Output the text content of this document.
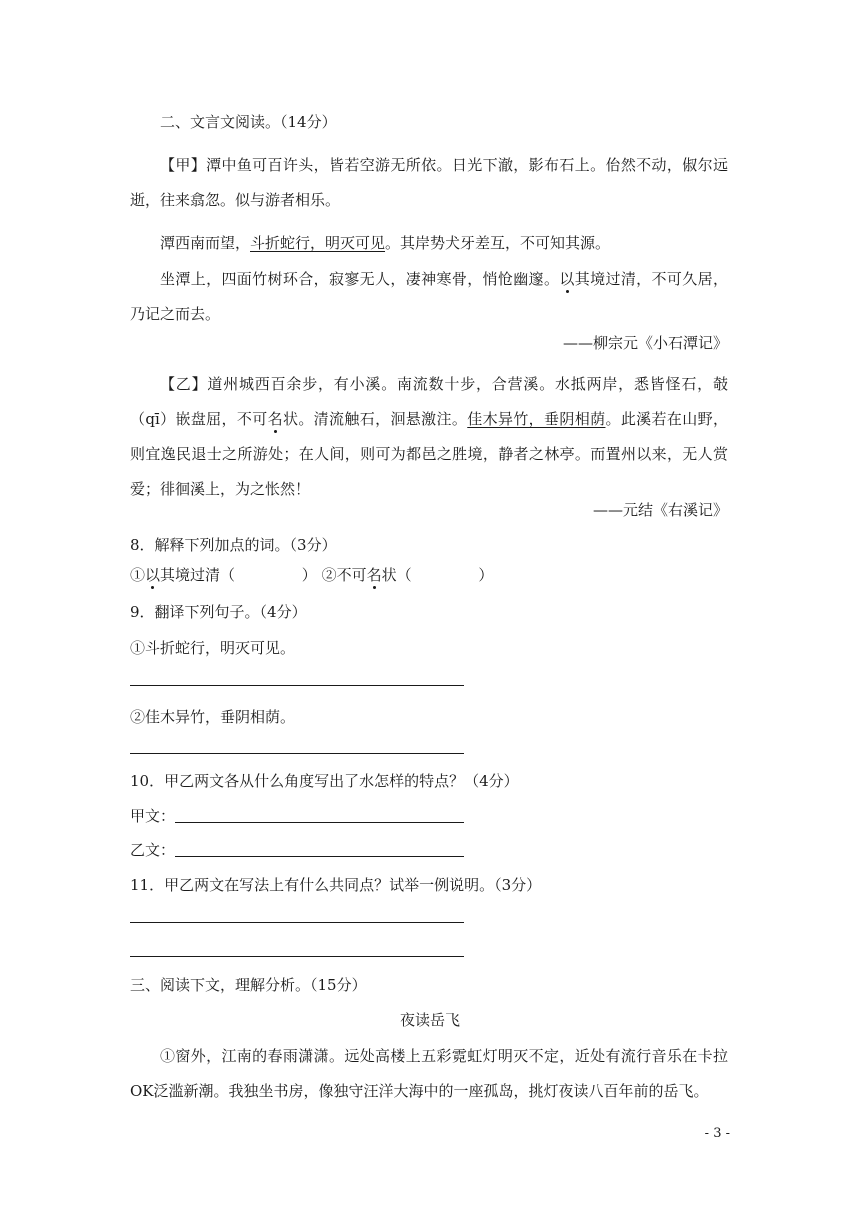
二、文言文阅读。（14分）
【甲】潭中鱼可百许头，皆若空游无所依。日光下澈，影布石上。佁然不动，俶尔远逝，往来翕忽。似与游者相乐。
潭西南而望，斗折蛇行，明灭可见。其岸势犬牙差互，不可知其源。
坐潭上，四面竹树环合，寂寥无人，凄神寒骨，悄怆幽邃。以其境过清，不可久居，乃记之而去。
——柳宗元《小石潭记》
【乙】道州城西百余步，有小溪。南流数十步，合营溪。水抵两岸，悉皆怪石，攲（qī）嵌盘屈，不可名状。清流触石，洄悬激注。佳木异竹，垂阴相荫。此溪若在山野，则宜逸民退士之所游处；在人间，则可为都邑之胜境，静者之林亭。而置州以来，无人赏爱；徘徊溪上，为之怅然！
——元结《右溪记》
8．解释下列加点的词。（3分）
①以其境过清（              ） ②不可名状（              ）
9．翻译下列句子。（4分）
①斗折蛇行，明灭可见。
②佳木异竹，垂阴相荫。
10．甲乙两文各从什么角度写出了水怎样的特点？（4分）
甲文：
乙文：
11．甲乙两文在写法上有什么共同点？试举一例说明。（3分）
三、阅读下文，理解分析。（15分）
夜读岳飞
①窗外，江南的春雨潇潇。远处高楼上五彩霓虹灯明灭不定，近处有流行音乐在卡拉OK泛滥新潮。我独坐书房，像独守汪洋大海中的一座孤岛，挑灯夜读八百年前的岳飞。
- 3 -
